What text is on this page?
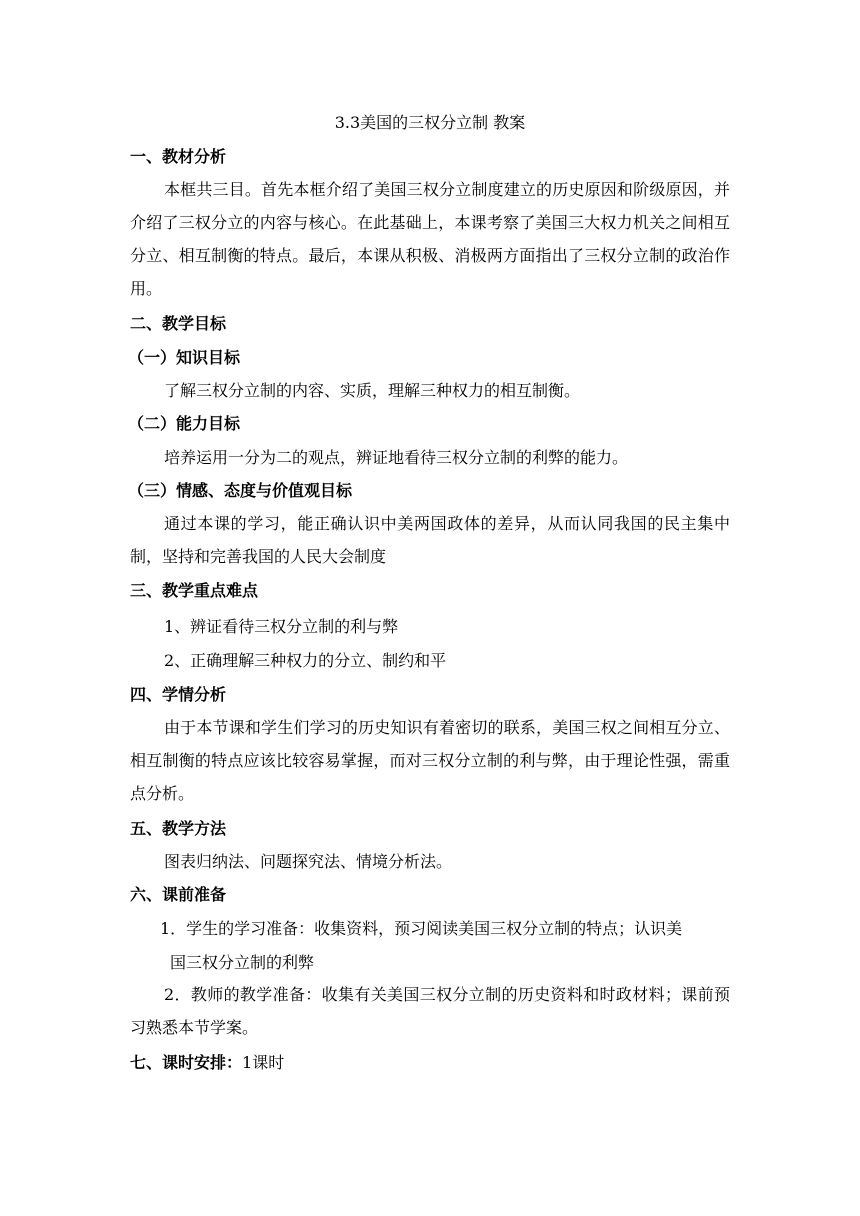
3.3美国的三权分立制 教案
一、教材分析
本框共三目。首先本框介绍了美国三权分立制度建立的历史原因和阶级原因，并介绍了三权分立的内容与核心。在此基础上，本课考察了美国三大权力机关之间相互分立、相互制衡的特点。最后，本课从积极、消极两方面指出了三权分立制的政治作用。
二、教学目标
（一）知识目标
了解三权分立制的内容、实质，理解三种权力的相互制衡。
（二）能力目标
培养运用一分为二的观点，辨证地看待三权分立制的利弊的能力。
（三）情感、态度与价值观目标
通过本课的学习，能正确认识中美两国政体的差异，从而认同我国的民主集中制，坚持和完善我国的人民大会制度
三、教学重点难点
1、辨证看待三权分立制的利与弊
2、正确理解三种权力的分立、制约和平
四、学情分析
由于本节课和学生们学习的历史知识有着密切的联系，美国三权之间相互分立、相互制衡的特点应该比较容易掌握，而对三权分立制的利与弊，由于理论性强，需重点分析。
五、教学方法
图表归纳法、问题探究法、情境分析法。
六、课前准备
1．学生的学习准备：收集资料，预习阅读美国三权分立制的特点；认识美
国三权分立制的利弊
2．教师的教学准备：收集有关美国三权分立制的历史资料和时政材料；课前预习熟悉本节学案。
七、课时安排：1课时
